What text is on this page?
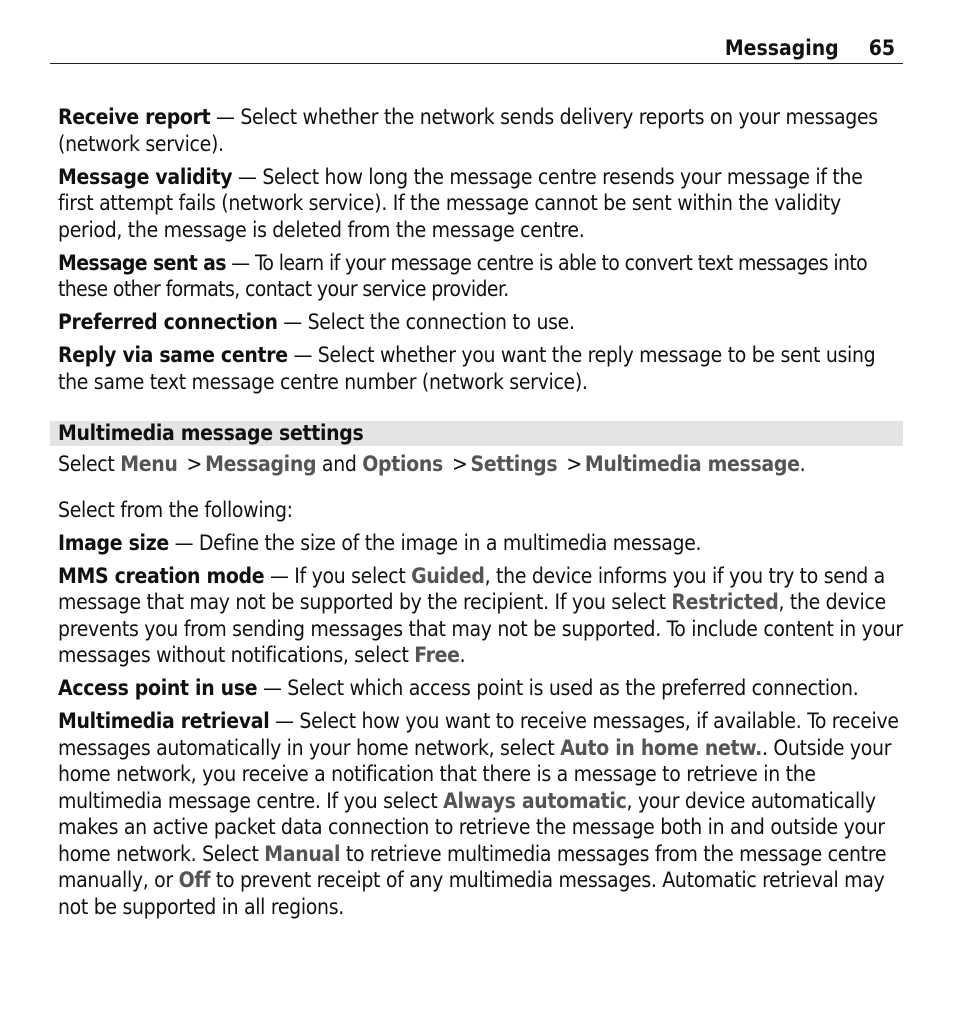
Messaging 65

Receive report — Select whether the network sends delivery reports on your messages (network service).

Message validity — Select how long the message centre resends your message if the first attempt fails (network service). If the message cannot be sent within the validity period, the message is deleted from the message centre.

Message sent as — To learn if your message centre is able to convert text messages into these other formats, contact your service provider.

Preferred connection — Select the connection to use.

Reply via same centre — Select whether you want the reply message to be sent using the same text message centre number (network service).

Multimedia message settings

Select Menu > Messaging and Options > Settings > Multimedia message.

Select from the following:

Image size — Define the size of the image in a multimedia message.

MMS creation mode — If you select Guided, the device informs you if you try to send a message that may not be supported by the recipient. If you select Restricted, the device prevents you from sending messages that may not be supported. To include content in your messages without notifications, select Free.

Access point in use — Select which access point is used as the preferred connection.

Multimedia retrieval — Select how you want to receive messages, if available. To receive messages automatically in your home network, select Auto in home netw.. Outside your home network, you receive a notification that there is a message to retrieve in the multimedia message centre. If you select Always automatic, your device automatically makes an active packet data connection to retrieve the message both in and outside your home network. Select Manual to retrieve multimedia messages from the message centre manually, or Off to prevent receipt of any multimedia messages. Automatic retrieval may not be supported in all regions.
